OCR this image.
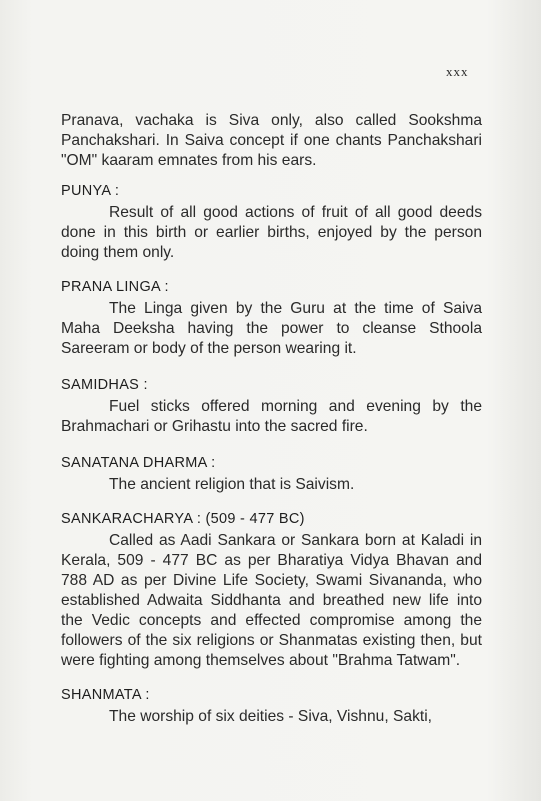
xxx

Pranava, vachaka is Siva only, also called Sookshma Panchakshari. In Saiva concept if one chants Panchakshari "OM" kaaram emnates from his ears.

PUNYA :

Result of all good actions of fruit of all good deeds done in this birth or earlier births, enjoyed by the person doing them only.

PRANA LINGA :

The Linga given by the Guru at the time of Saiva Maha Deeksha having the power to cleanse Sthoola Sareeram or body of the person wearing it.

SAMIDHAS :

Fuel sticks offered morning and evening by the Brahmachari or Grihastu into the sacred fire.

SANATANA DHARMA :

The ancient religion that is Saivism.

SANKARACHARYA : (509 - 477 BC)

Called as Aadi Sankara or Sankara born at Kaladi in Kerala, 509 - 477 BC as per Bharatiya Vidya Bhavan and 788 AD as per Divine Life Society, Swami Sivananda, who established Adwaita Siddhanta and breathed new life into the Vedic concepts and effected compromise among the followers of the six religions or Shanmatas existing then, but were fighting among themselves about "Brahma Tatwam".

SHANMATA :

The worship of six deities - Siva, Vishnu, Sakti,
